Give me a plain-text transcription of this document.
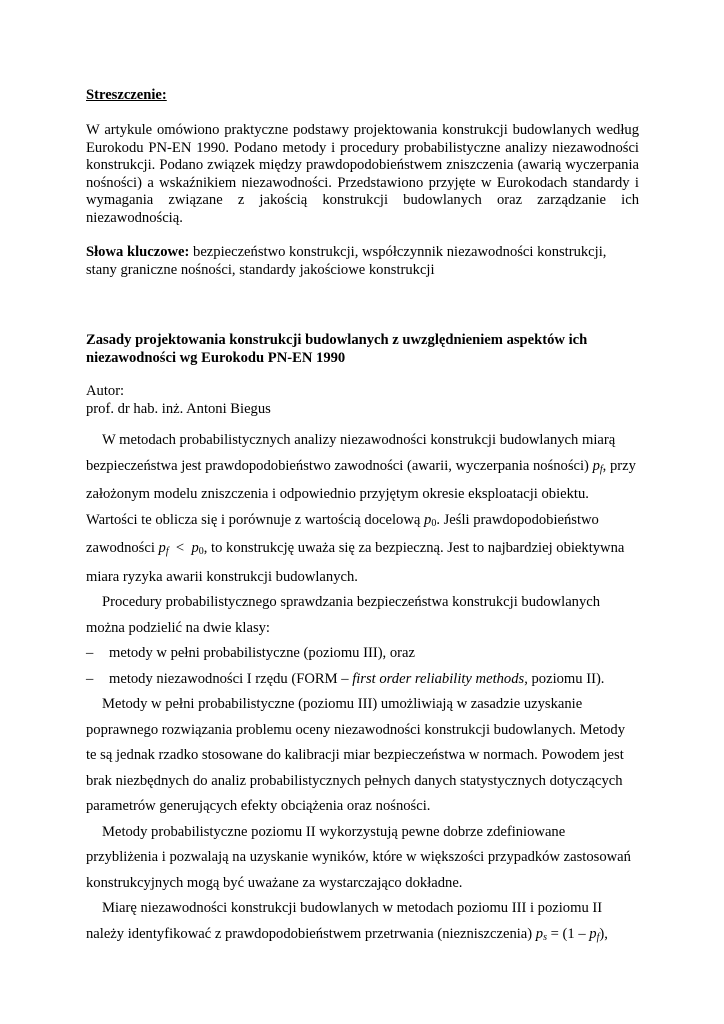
Streszczenie:

W artykule omówiono praktyczne podstawy projektowania konstrukcji budowlanych według Eurokodu PN-EN 1990. Podano metody i procedury probabilistyczne analizy niezawodności konstrukcji. Podano związek między prawdopodobieństwem zniszczenia (awarią wyczerpania nośności) a wskaźnikiem niezawodności. Przedstawiono przyjęte w Eurokodach standardy i wymagania związane z jakością konstrukcji budowlanych oraz zarządzanie ich niezawodnością.

Słowa kluczowe: bezpieczeństwo konstrukcji, współczynnik niezawodności konstrukcji, stany graniczne nośności, standardy jakościowe konstrukcji

Zasady projektowania konstrukcji budowlanych z uwzględnieniem aspektów ich niezawodności wg Eurokodu PN-EN 1990

Autor:
prof. dr hab. inż. Antoni Biegus

W metodach probabilistycznych analizy niezawodności konstrukcji budowlanych miarą bezpieczeństwa jest prawdopodobieństwo zawodności (awarii, wyczerpania nośności) $p_f$, przy założonym modelu zniszczenia i odpowiednio przyjętym okresie eksploatacji obiektu. Wartości te oblicza się i porównuje z wartością docelową $p_0$. Jeśli prawdopodobieństwo zawodności $p_f < p_0$, to konstrukcję uważa się za bezpieczną. Jest to najbardziej obiektywna miara ryzyka awarii konstrukcji budowlanych.

Procedury probabilistycznego sprawdzania bezpieczeństwa konstrukcji budowlanych można podzielić na dwie klasy:

– metody w pełni probabilistyczne (poziomu III), oraz
– metody niezawodności I rzędu (FORM – first order reliability methods, poziomu II).

Metody w pełni probabilistyczne (poziomu III) umożliwiają w zasadzie uzyskanie poprawnego rozwiązania problemu oceny niezawodności konstrukcji budowlanych. Metody te są jednak rzadko stosowane do kalibracji miar bezpieczeństwa w normach. Powodem jest brak niezbędnych do analiz probabilistycznych pełnych danych statystycznych dotyczących parametrów generujących efekty obciążenia oraz nośności.

Metody probabilistyczne poziomu II wykorzystują pewne dobrze zdefiniowane przybliżenia i pozwalają na uzyskanie wyników, które w większości przypadków zastosowań konstrukcyjnych mogą być uważane za wystarczająco dokładne.

Miarę niezawodności konstrukcji budowlanych w metodach poziomu III i poziomu II należy identyfikować z prawdopodobieństwem przetrwania (niezniszczenia) $p_s = (1 - p_f)$,
